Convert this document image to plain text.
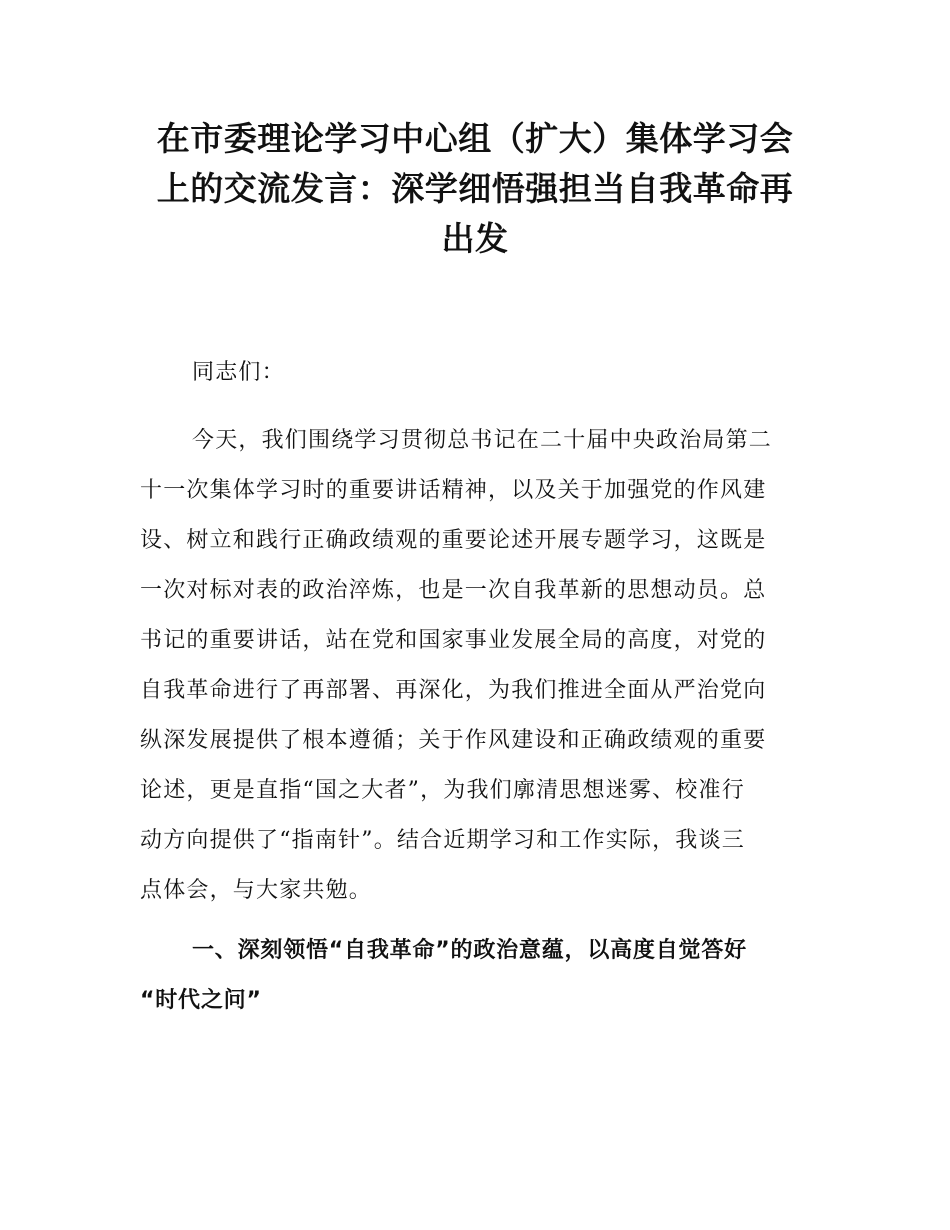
在市委理论学习中心组（扩大）集体学习会
上的交流发言：深学细悟强担当自我革命再
出发

同志们：

今天，我们围绕学习贯彻总书记在二十届中央政治局第二
十一次集体学习时的重要讲话精神，以及关于加强党的作风建
设、树立和践行正确政绩观的重要论述开展专题学习，这既是
一次对标对表的政治淬炼，也是一次自我革新的思想动员。总
书记的重要讲话，站在党和国家事业发展全局的高度，对党的
自我革命进行了再部署、再深化，为我们推进全面从严治党向
纵深发展提供了根本遵循；关于作风建设和正确政绩观的重要
论述，更是直指“国之大者”，为我们廓清思想迷雾、校准行
动方向提供了“指南针”。结合近期学习和工作实际，我谈三
点体会，与大家共勉。

一、深刻领悟“自我革命”的政治意蕴，以高度自觉答好
“时代之问”
